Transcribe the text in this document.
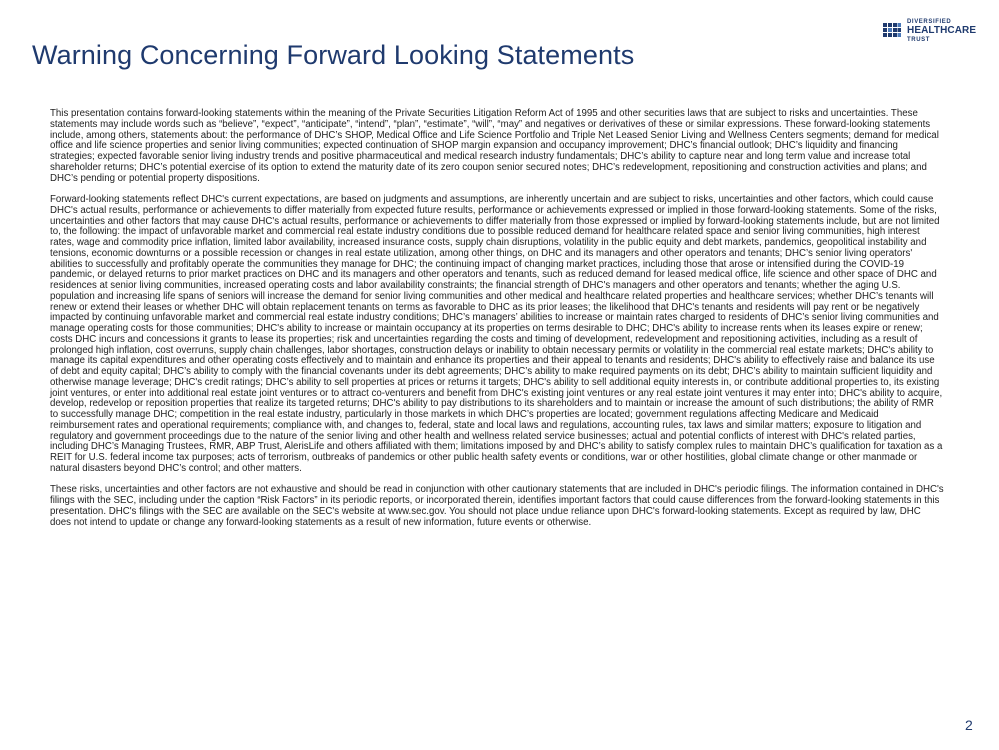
Warning Concerning Forward Looking Statements
DIVERSIFIED
HEALTHCARE
TRUST

This presentation contains forward-looking statements within the meaning of the Private Securities Litigation Reform Act of 1995 and other securities laws that are subject to risks and uncertainties. These statements may include words such as “believe”, “expect”, “anticipate”, “intend”, “plan”, “estimate”, “will”, “may” and negatives or derivatives of these or similar expressions. These forward-looking statements include, among others, statements about: the performance of DHC’s SHOP, Medical Office and Life Science Portfolio and Triple Net Leased Senior Living and Wellness Centers segments; demand for medical office and life science properties and senior living communities; expected continuation of SHOP margin expansion and occupancy improvement; DHC’s financial outlook; DHC’s liquidity and financing strategies; expected favorable senior living industry trends and positive pharmaceutical and medical research industry fundamentals; DHC’s ability to capture near and long term value and increase total shareholder returns; DHC’s potential exercise of its option to extend the maturity date of its zero coupon senior secured notes; DHC’s redevelopment, repositioning and construction activities and plans; and DHC’s pending or potential property dispositions.

Forward-looking statements reflect DHC's current expectations, are based on judgments and assumptions, are inherently uncertain and are subject to risks, uncertainties and other factors, which could cause DHC's actual results, performance or achievements to differ materially from expected future results, performance or achievements expressed or implied in those forward-looking statements. Some of the risks, uncertainties and other factors that may cause DHC's actual results, performance or achievements to differ materially from those expressed or implied by forward-looking statements include, but are not limited to, the following: the impact of unfavorable market and commercial real estate industry conditions due to possible reduced demand for healthcare related space and senior living communities, high interest rates, wage and commodity price inflation, limited labor availability, increased insurance costs, supply chain disruptions, volatility in the public equity and debt markets, pandemics, geopolitical instability and tensions, economic downturns or a possible recession or changes in real estate utilization, among other things, on DHC and its managers and other operators and tenants; DHC’s senior living operators' abilities to successfully and profitably operate the communities they manage for DHC; the continuing impact of changing market practices, including those that arose or intensified during the COVID-19 pandemic, or delayed returns to prior market practices on DHC and its managers and other operators and tenants, such as reduced demand for leased medical office, life science and other space of DHC and residences at senior living communities, increased operating costs and labor availability constraints; the financial strength of DHC's managers and other operators and tenants; whether the aging U.S. population and increasing life spans of seniors will increase the demand for senior living communities and other medical and healthcare related properties and healthcare services; whether DHC’s tenants will renew or extend their leases or whether DHC will obtain replacement tenants on terms as favorable to DHC as its prior leases; the likelihood that DHC's tenants and residents will pay rent or be negatively impacted by continuing unfavorable market and commercial real estate industry conditions; DHC’s managers’ abilities to increase or maintain rates charged to residents of DHC’s senior living communities and manage operating costs for those communities; DHC's ability to increase or maintain occupancy at its properties on terms desirable to DHC; DHC's ability to increase rents when its leases expire or renew; costs DHC incurs and concessions it grants to lease its properties; risk and uncertainties regarding the costs and timing of development, redevelopment and repositioning activities, including as a result of prolonged high inflation, cost overruns, supply chain challenges, labor shortages, construction delays or inability to obtain necessary permits or volatility in the commercial real estate markets; DHC's ability to manage its capital expenditures and other operating costs effectively and to maintain and enhance its properties and their appeal to tenants and residents; DHC's ability to effectively raise and balance its use of debt and equity capital; DHC’s ability to comply with the financial covenants under its debt agreements; DHC’s ability to make required payments on its debt; DHC’s ability to maintain sufficient liquidity and otherwise manage leverage; DHC's credit ratings; DHC’s ability to sell properties at prices or returns it targets; DHC's ability to sell additional equity interests in, or contribute additional properties to, its existing joint ventures, or enter into additional real estate joint ventures or to attract co-venturers and benefit from DHC's existing joint ventures or any real estate joint ventures it may enter into; DHC's ability to acquire, develop, redevelop or reposition properties that realize its targeted returns; DHC's ability to pay distributions to its shareholders and to maintain or increase the amount of such distributions; the ability of RMR to successfully manage DHC; competition in the real estate industry, particularly in those markets in which DHC’s properties are located; government regulations affecting Medicare and Medicaid reimbursement rates and operational requirements; compliance with, and changes to, federal, state and local laws and regulations, accounting rules, tax laws and similar matters; exposure to litigation and regulatory and government proceedings due to the nature of the senior living and other health and wellness related service businesses; actual and potential conflicts of interest with DHC's related parties, including DHC’s Managing Trustees, RMR, ABP Trust, AlerisLife and others affiliated with them; limitations imposed by and DHC’s ability to satisfy complex rules to maintain DHC’s qualification for taxation as a REIT for U.S. federal income tax purposes; acts of terrorism, outbreaks of pandemics or other public health safety events or conditions, war or other hostilities, global climate change or other manmade or natural disasters beyond DHC’s control; and other matters.

These risks, uncertainties and other factors are not exhaustive and should be read in conjunction with other cautionary statements that are included in DHC's periodic filings. The information contained in DHC's filings with the SEC, including under the caption “Risk Factors” in its periodic reports, or incorporated therein, identifies important factors that could cause differences from the forward-looking statements in this presentation. DHC's filings with the SEC are available on the SEC's website at www.sec.gov. You should not place undue reliance upon DHC's forward-looking statements. Except as required by law, DHC does not intend to update or change any forward-looking statements as a result of new information, future events or otherwise.

2
